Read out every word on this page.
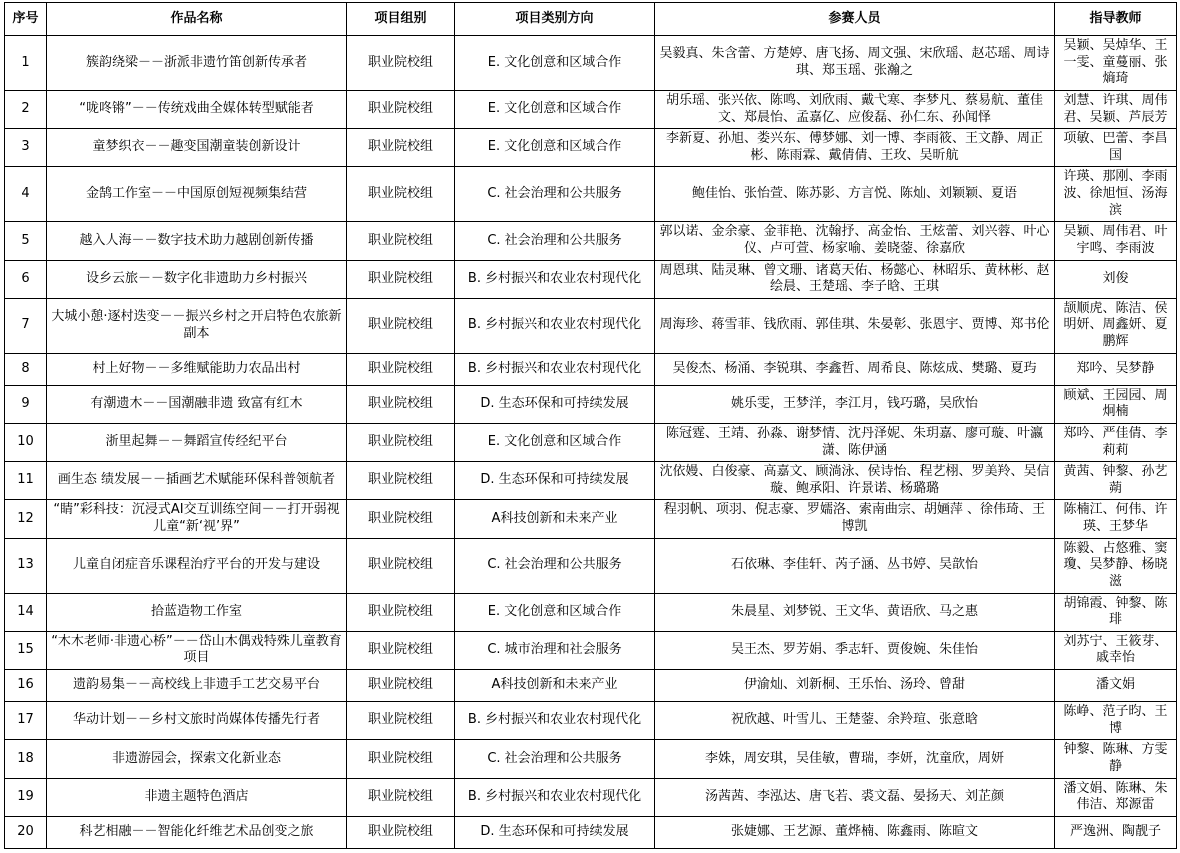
序号	作品名称	项目组别	项目类别方向	参赛人员	指导教师
1	簇韵绕梁－－浙派非遗竹笛创新传承者	职业院校组	E. 文化创意和区域合作	吴毅真、朱含蕾、方楚婷、唐飞扬、周文强、宋欣瑶、赵芯瑶、周诗琪、郑玉瑶、张瀚之	吴颖、吴焯华、王一雯、童蔓丽、张熵琦
2	“咙咚锵”－－传统戏曲全媒体转型赋能者	职业院校组	E. 文化创意和区域合作	胡乐瑶、张兴依、陈鸣、刘欣雨、戴弋寒、李梦凡、蔡易航、董佳文、郑晨怡、孟嘉亿、应俊磊、孙仁东、孙闻怿	刘慧、许琪、周伟君、吴颖、芦辰芳
3	童梦织衣－－趣变国潮童装创新设计	职业院校组	E. 文化创意和区域合作	李新夏、孙旭、娄兴东、傅梦娜、刘一博、李雨筱、王文静、周正彬、陈雨霖、戴倩倩、王玫、吴昕航	项敏、巴蕾、李昌国
4	金鹄工作室－－中国原创短视频集结营	职业院校组	C. 社会治理和公共服务	鲍佳怡、张怡萱、陈苏影、方言悦、陈灿、刘颖颖、夏语	许瑛、那刚、李雨波、徐旭恒、汤海滨
5	越入人海－－数字技术助力越剧创新传播	职业院校组	C. 社会治理和公共服务	郭以诺、金余豪、金菲艳、沈翰抒、高金怡、王炫蕾、刘兴蓉、叶心仪、卢可萱、杨家喻、姜晓蓥、徐嘉欣	吴颖、周伟君、叶宇鸣、李雨波
6	设乡云旅－－数字化非遗助力乡村振兴	职业院校组	B. 乡村振兴和农业农村现代化	周恩琪、陆灵琳、曾文珊、诸葛天佑、杨懿心、林昭乐、黄林彬、赵绘晨、王楚瑶、李子晗、王琪	刘俊
7	大城小憩·逐村迭变－－振兴乡村之开启特色农旅新副本	职业院校组	B. 乡村振兴和农业农村现代化	周海珍、蒋雪菲、钱欣雨、郭佳琪、朱晏彰、张恩宇、贾博、郑书伦	颉顺虎、陈洁、侯明妍、周鑫妍、夏鹏辉
8	村上好物－－多维赋能助力农品出村	职业院校组	B. 乡村振兴和农业农村现代化	吴俊杰、杨涌、李锐琪、李鑫哲、周希良、陈炫成、樊璐、夏玙	郑吟、吴梦静
9	有潮遗木－－国潮融非遗 致富有红木	职业院校组	D. 生态环保和可持续发展	姚乐雯，王梦洋，李江月，钱巧璐，吴欣怡	顾斌、王园园、周炯楠
10	浙里起舞－－舞蹈宣传经纪平台	职业院校组	E. 文化创意和区域合作	陈冠霆、王靖、孙淼、谢梦情、沈丹泽妮、朱玥嘉、廖可璇、叶瀛潇、陈伊涵	郑吟、严佳倩、李莉莉
11	画生态 绩发展－－插画艺术赋能环保科普领航者	职业院校组	D. 生态环保和可持续发展	沈依嫚、白俊豪、高嘉文、顾淌泳、侯诗怡、程艺栩、罗美羚、吴信璇、鲍承阳、许景诺、杨璐璐	黄茜、钟黎、孙艺蒴
12	“睛”彩科技：沉浸式AI交互训练空间－－打开弱视儿童“新‘视’界”	职业院校组	A科技创新和未来产业	程羽帆、项羽、倪志豪、罗嬬洛、索南曲宗、胡婳萍 、徐伟琦、王博凯	陈楠江、何伟、许瑛、王梦华
13	儿童自闭症音乐课程治疗平台的开发与建设	职业院校组	C. 社会治理和公共服务	石依琳、李佳轩、芮子涵、丛书婷、吴歆怡	陈毅、占悠雅、窦瓊、吴梦静、杨晓滋
14	拾蓝造物工作室	职业院校组	E. 文化创意和区域合作	朱晨星、刘梦锐、王文华、黄语欣、马之惠	胡锦霞、钟黎、陈琲
15	“木木老师·非遗心桥”－－岱山木偶戏特殊儿童教育项目	职业院校组	C. 城市治理和社会服务	吴王杰、罗芳娟、季志轩、贾俊婉、朱佳怡	刘苏宁、王筱芽、戚幸怡
16	遗韵易集－－高校线上非遗手工艺交易平台	职业院校组	A科技创新和未来产业	伊渝灿、刘新桐、王乐怡、汤玲、曾甜	潘文娟
17	华动计划－－乡村文旅时尚媒体传播先行者	职业院校组	B. 乡村振兴和农业农村现代化	祝欣越、叶雪儿、王楚蓥、余羚瑄、张意晗	陈峥、范子昀、王博
18	非遗游园会，探索文化新业态	职业院校组	C. 社会治理和公共服务	李姝，周安琪，吴佳敏，曹瑞，李妍，沈童欣，周妍	钟黎、陈琳、方雯静
19	非遗主题特色酒店	职业院校组	B. 乡村振兴和农业农村现代化	汤茜茜、李泓达、唐飞若、裘文磊、晏扬天、刘芷颜	潘文娟、陈琳、朱伟洁、郑源雷
20	科艺相融－－智能化纤维艺术品创变之旅	职业院校组	D. 生态环保和可持续发展	张婕娜、王艺源、董烨楠、陈鑫雨、陈暄文	严逸洲、陶靓子
